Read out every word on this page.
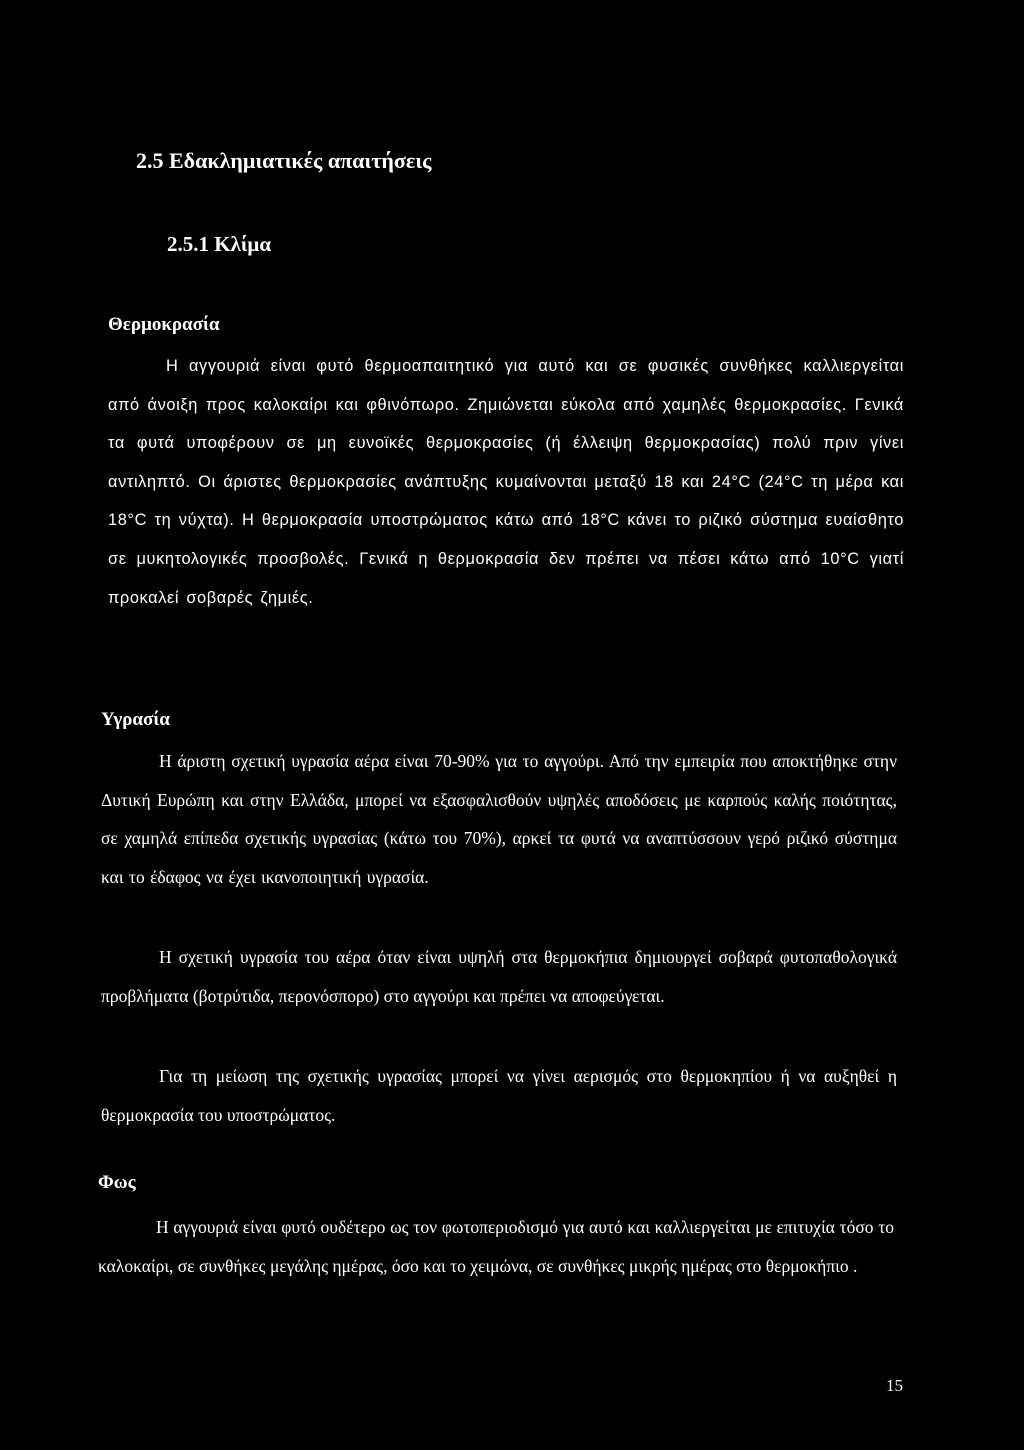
2.5 Εδακλημιατικές απαιτήσεις
2.5.1 Κλίμα
Θερμοκρασία

Η αγγουριά είναι φυτό θερμοαπαιτητικό για αυτό και σε φυσικές συνθήκες καλλιεργείται από άνοιξη προς καλοκαίρι και φθινόπωρο. Ζημιώνεται εύκολα από χαμηλές θερμοκρασίες. Γενικά τα φυτά υποφέρουν σε μη ευνοϊκές θερμοκρασίες (ή έλλειψη θερμοκρασίας) πολύ πριν γίνει αντιληπτό. Οι άριστες θερμοκρασίες ανάπτυξης κυμαίνονται μεταξύ 18 και 24°C (24°C τη μέρα και 18°C τη νύχτα). Η θερμοκρασία υποστρώματος κάτω από 18°C κάνει το ριζικό σύστημα ευαίσθητο σε μυκητολογικές προσβολές. Γενικά η θερμοκρασία δεν πρέπει να πέσει κάτω από 10°C γιατί προκαλεί σοβαρές ζημιές.

Υγρασία

Η άριστη σχετική υγρασία αέρα είναι 70-90% για το αγγούρι. Από την εμπειρία που αποκτήθηκε στην Δυτική Ευρώπη και στην Ελλάδα, μπορεί να εξασφαλισθούν υψηλές αποδόσεις με καρπούς καλής ποιότητας, σε χαμηλά επίπεδα σχετικής υγρασίας (κάτω του 70%), αρκεί τα φυτά να αναπτύσσουν γερό ριζικό σύστημα και το έδαφος να έχει ικανοποιητική υγρασία.

Η σχετική υγρασία του αέρα όταν είναι υψηλή στα θερμοκήπια δημιουργεί σοβαρά φυτοπαθολογικά προβλήματα (βοτρύτιδα, περονόσπορο) στο αγγούρι και πρέπει να αποφεύγεται.

Για τη μείωση της σχετικής υγρασίας μπορεί να γίνει αερισμός στο θερμοκηπίου ή να αυξηθεί η θερμοκρασία του υποστρώματος.

Φως

Η αγγουριά είναι φυτό ουδέτερο ως τον φωτοπεριοδισμό για αυτό και καλλιεργείται με επιτυχία τόσο το καλοκαίρι, σε συνθήκες μεγάλης ημέρας, όσο και το χειμώνα, σε συνθήκες μικρής ημέρας στο θερμοκήπιο .

15
